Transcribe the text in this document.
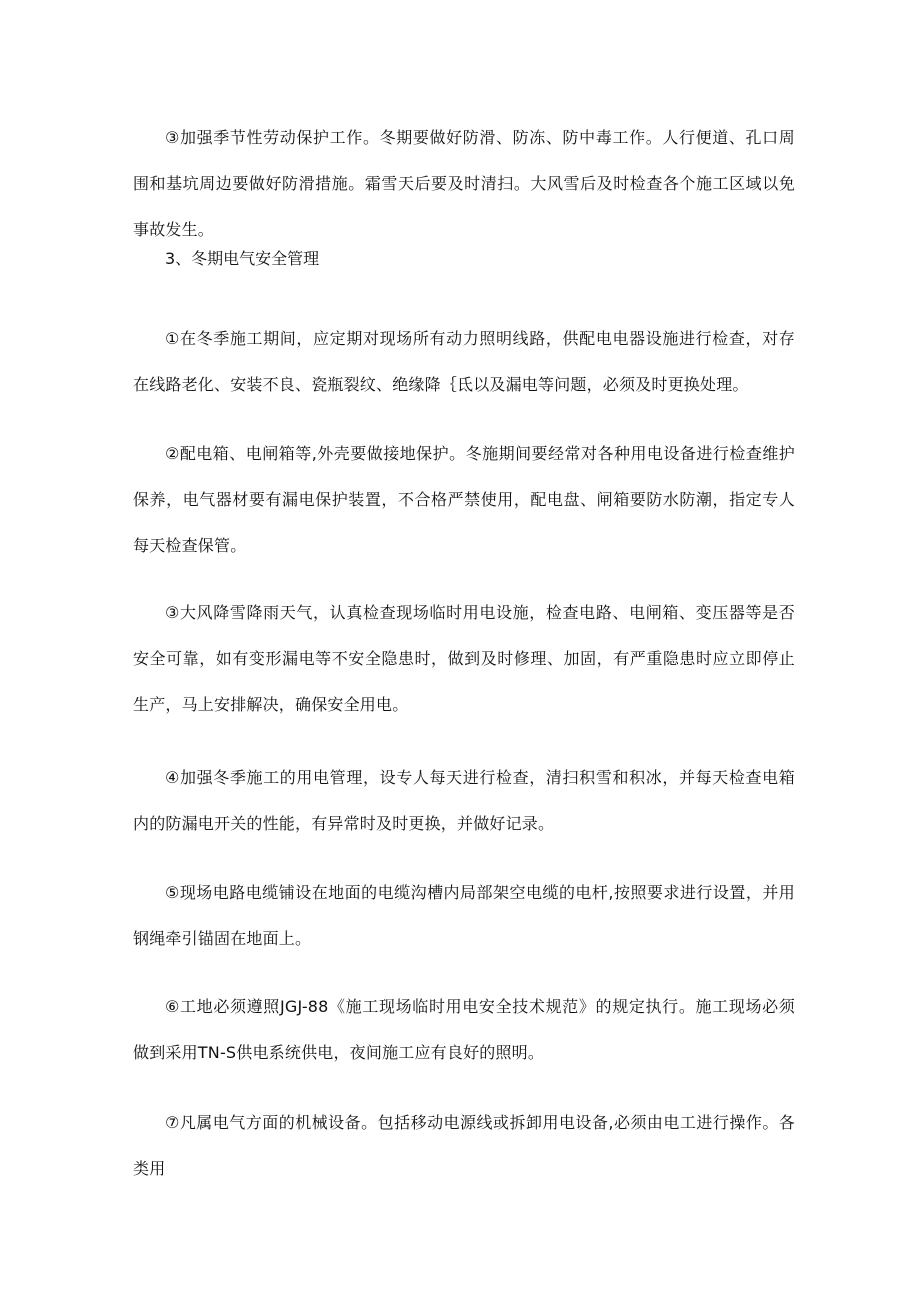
③加强季节性劳动保护工作。冬期要做好防滑、防冻、防中毒工作。人行便道、孔口周围和基坑周边要做好防滑措施。霜雪天后要及时清扫。大风雪后及时检查各个施工区域以免事故发生。

3、冬期电气安全管理

①在冬季施工期间，应定期对现场所有动力照明线路，供配电电器设施进行检查，对存在线路老化、安装不良、瓷瓶裂纹、绝缘降｛氐以及漏电等问题，必须及时更换处理。

②配电箱、电闸箱等,外壳要做接地保护。冬施期间要经常对各种用电设备进行检查维护保养，电气器材要有漏电保护装置，不合格严禁使用，配电盘、闸箱要防水防潮，指定专人每天检查保管。

③大风降雪降雨天气，认真检查现场临时用电设施，检查电路、电闸箱、变压器等是否安全可靠，如有变形漏电等不安全隐患时，做到及时修理、加固，有严重隐患时应立即停止生产，马上安排解决，确保安全用电。

④加强冬季施工的用电管理，设专人每天进行检查，清扫积雪和积冰，并每天检查电箱内的防漏电开关的性能，有异常时及时更换，并做好记录。

⑤现场电路电缆铺设在地面的电缆沟槽内局部架空电缆的电杆,按照要求进行设置，并用钢绳牵引锚固在地面上。

⑥工地必须遵照JGJ-88《施工现场临时用电安全技术规范》的规定执行。施工现场必须做到采用TN-S供电系统供电，夜间施工应有良好的照明。

⑦凡属电气方面的机械设备。包括移动电源线或拆卸用电设备,必须由电工进行操作。各类用
